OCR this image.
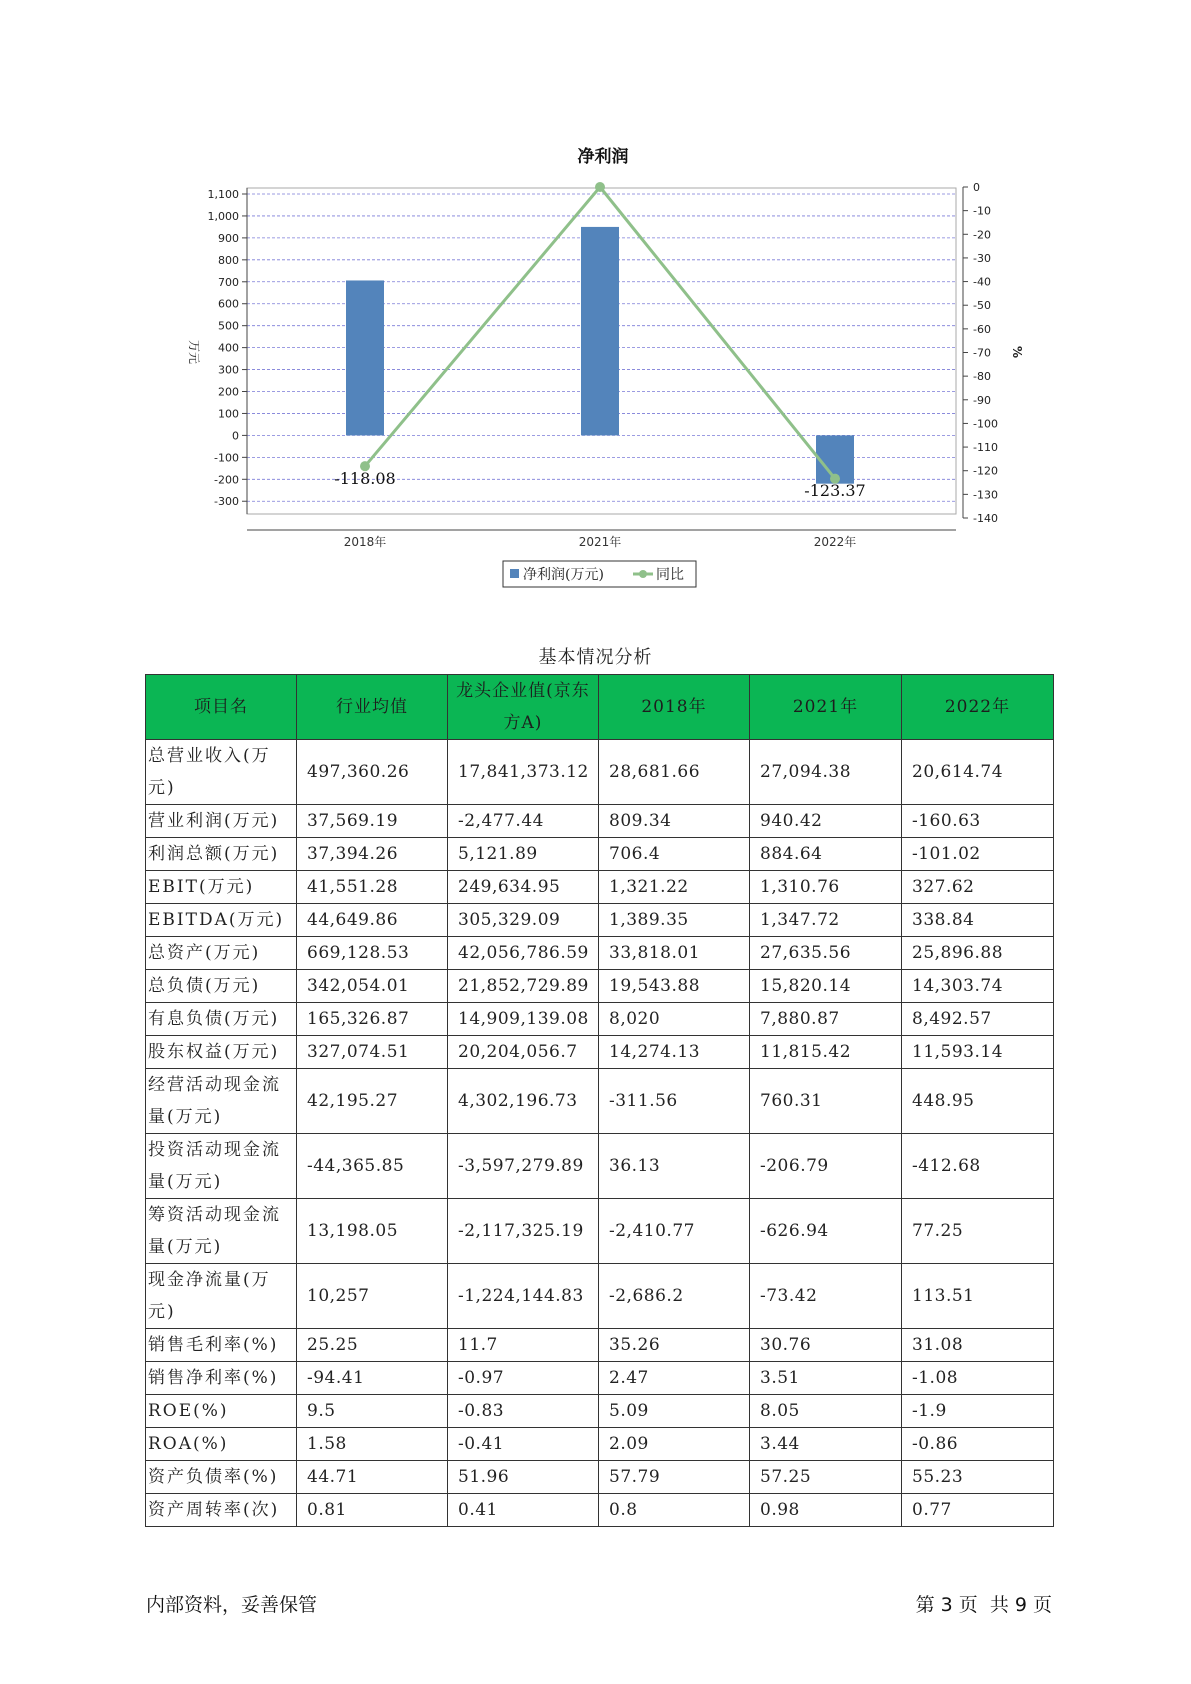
净利润
1,100
1,000
900
800
700
600
500
400
300
200
100
0
-100
-200
-300
0
-10
-20
-30
-40
-50
-60
-70
-80
-90
-100
-110
-120
-130
-140
万元	%
-118.08
-123.37
2018年	2021年	2022年
净利润(万元)	同比
基本情况分析
项目名	行业均值	龙头企业值(京东方A)	2018年	2021年	2022年
总营业收入(万元)	497,360.26	17,841,373.12	28,681.66	27,094.38	20,614.74
营业利润(万元)	37,569.19	-2,477.44	809.34	940.42	-160.63
利润总额(万元)	37,394.26	5,121.89	706.4	884.64	-101.02
EBIT(万元)	41,551.28	249,634.95	1,321.22	1,310.76	327.62
EBITDA(万元)	44,649.86	305,329.09	1,389.35	1,347.72	338.84
总资产(万元)	669,128.53	42,056,786.59	33,818.01	27,635.56	25,896.88
总负债(万元)	342,054.01	21,852,729.89	19,543.88	15,820.14	14,303.74
有息负债(万元)	165,326.87	14,909,139.08	8,020	7,880.87	8,492.57
股东权益(万元)	327,074.51	20,204,056.7	14,274.13	11,815.42	11,593.14
经营活动现金流量(万元)	42,195.27	4,302,196.73	-311.56	760.31	448.95
投资活动现金流量(万元)	-44,365.85	-3,597,279.89	36.13	-206.79	-412.68
筹资活动现金流量(万元)	13,198.05	-2,117,325.19	-2,410.77	-626.94	77.25
现金净流量(万元)	10,257	-1,224,144.83	-2,686.2	-73.42	113.51
销售毛利率(%)	25.25	11.7	35.26	30.76	31.08
销售净利率(%)	-94.41	-0.97	2.47	3.51	-1.08
ROE(%)	9.5	-0.83	5.09	8.05	-1.9
ROA(%)	1.58	-0.41	2.09	3.44	-0.86
资产负债率(%)	44.71	51.96	57.79	57.25	55.23
资产周转率(次)	0.81	0.41	0.8	0.98	0.77
内部资料，妥善保管	第 3 页  共 9 页
